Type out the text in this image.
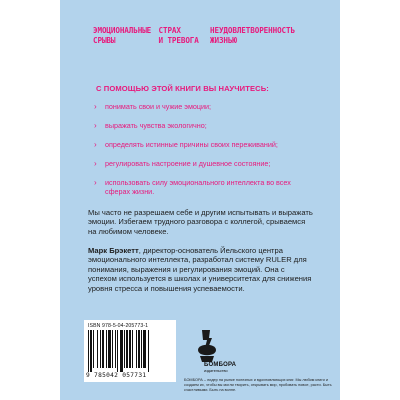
ЭМОЦИОНАЛЬНЫЕ
СРЫВЫ
СТРАХ
И ТРЕВОГА
НЕУДОВЛЕТВОРЕННОСТЬ
ЖИЗНЬЮ
С ПОМОЩЬЮ ЭТОЙ КНИГИ ВЫ НАУЧИТЕСЬ:
› понимать свои и чужие эмоции;
› выражать чувства экологично;
› определять истинные причины своих переживаний;
› регулировать настроение и душевное состояние;
› использовать силу эмоционального интеллекта во всех сферах жизни.

Мы часто не разрешаем себе и другим испытывать и выражать эмоции. Избегаем трудного разговора с коллегой, срываемся на любимом человеке.

Марк Брэкетт, директор-основатель Йельского центра эмоционального интеллекта, разработал систему RULER для понимания, выражения и регулирования эмоций. Она с успехом используется в школах и университетах для снижения уровня стресса и повышения успеваемости.

ISBN 978-5-04-205773-1
9 785042 057731
БОМБОРА
издательство
БОМБОРА – лидер на рынке полезных и вдохновляющих книг. Мы любим книги и создаем их, чтобы вы могли творить, открывать мир, пробовать новое, расти. Быть счастливыми. Быть на волне.
